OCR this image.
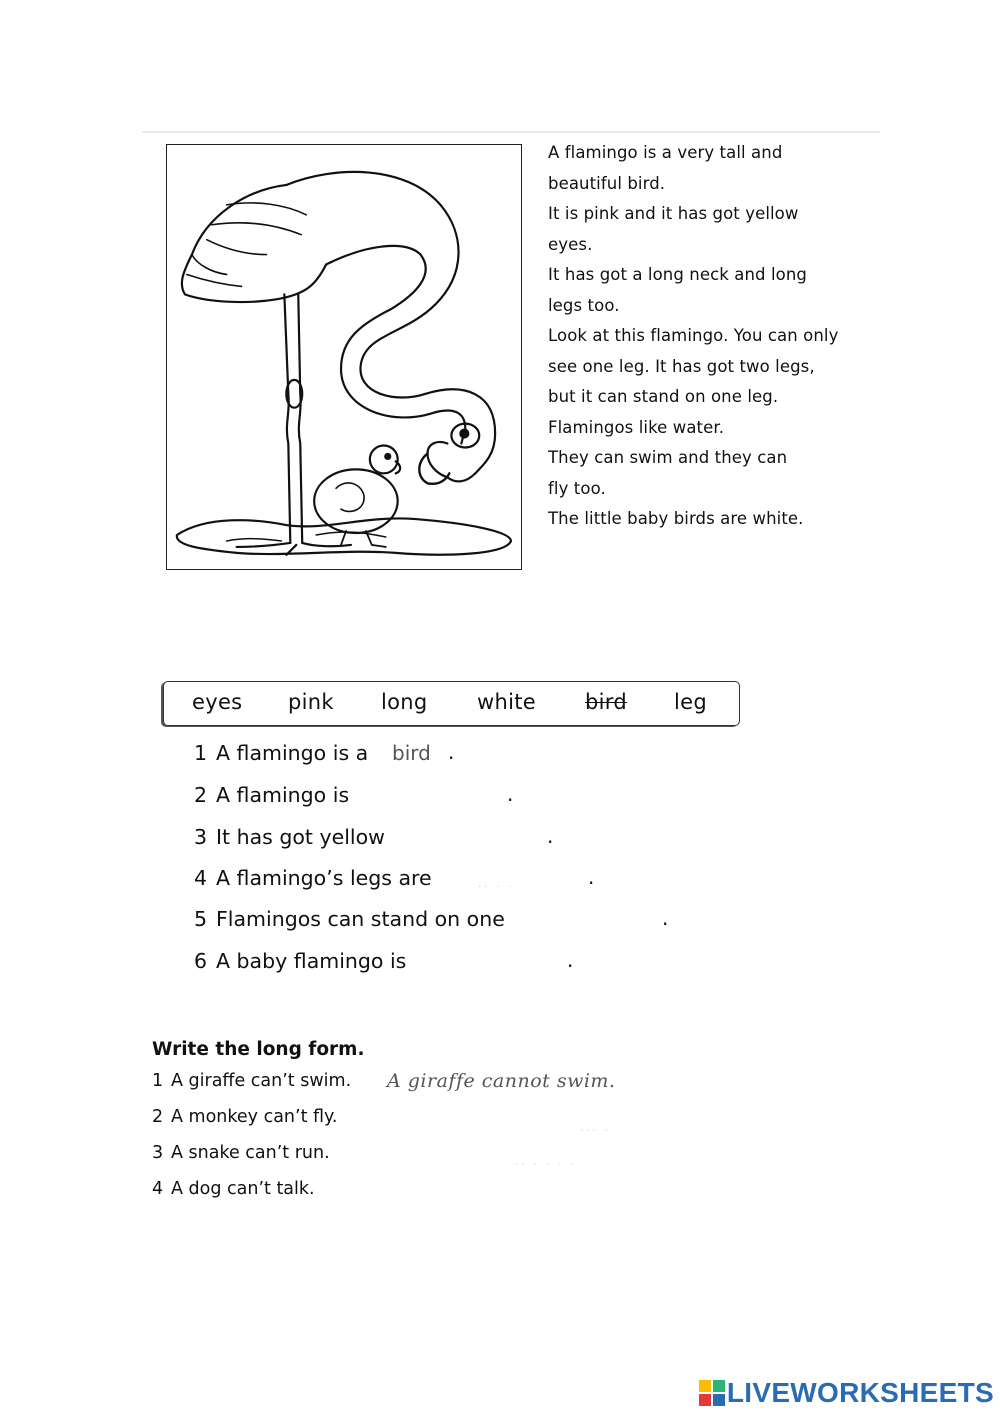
A flamingo is a very tall and
beautiful bird.
It is pink and it has got yellow
eyes.
It has got a long neck and long
legs too.
Look at this flamingo. You can only
see one leg. It has got two legs,
but it can stand on one leg.
Flamingos like water.
They can swim and they can
fly too.
The little baby birds are white.
eyes pink long white bird leg
1 A flamingo is a bird .
2 A flamingo is	.
3 It has got yellow	.
4 A flamingo’s legs are	·· · ·	.
5 Flamingos can stand on one	.
6 A baby flamingo is	.
Write the long form.
1 A giraffe can’t swim. A giraffe cannot swim.
2 A monkey can’t fly.
··· ·
3 A snake can’t run.
·· · · · ·
4 A dog can’t talk.
LIVEWORKSHEETS
